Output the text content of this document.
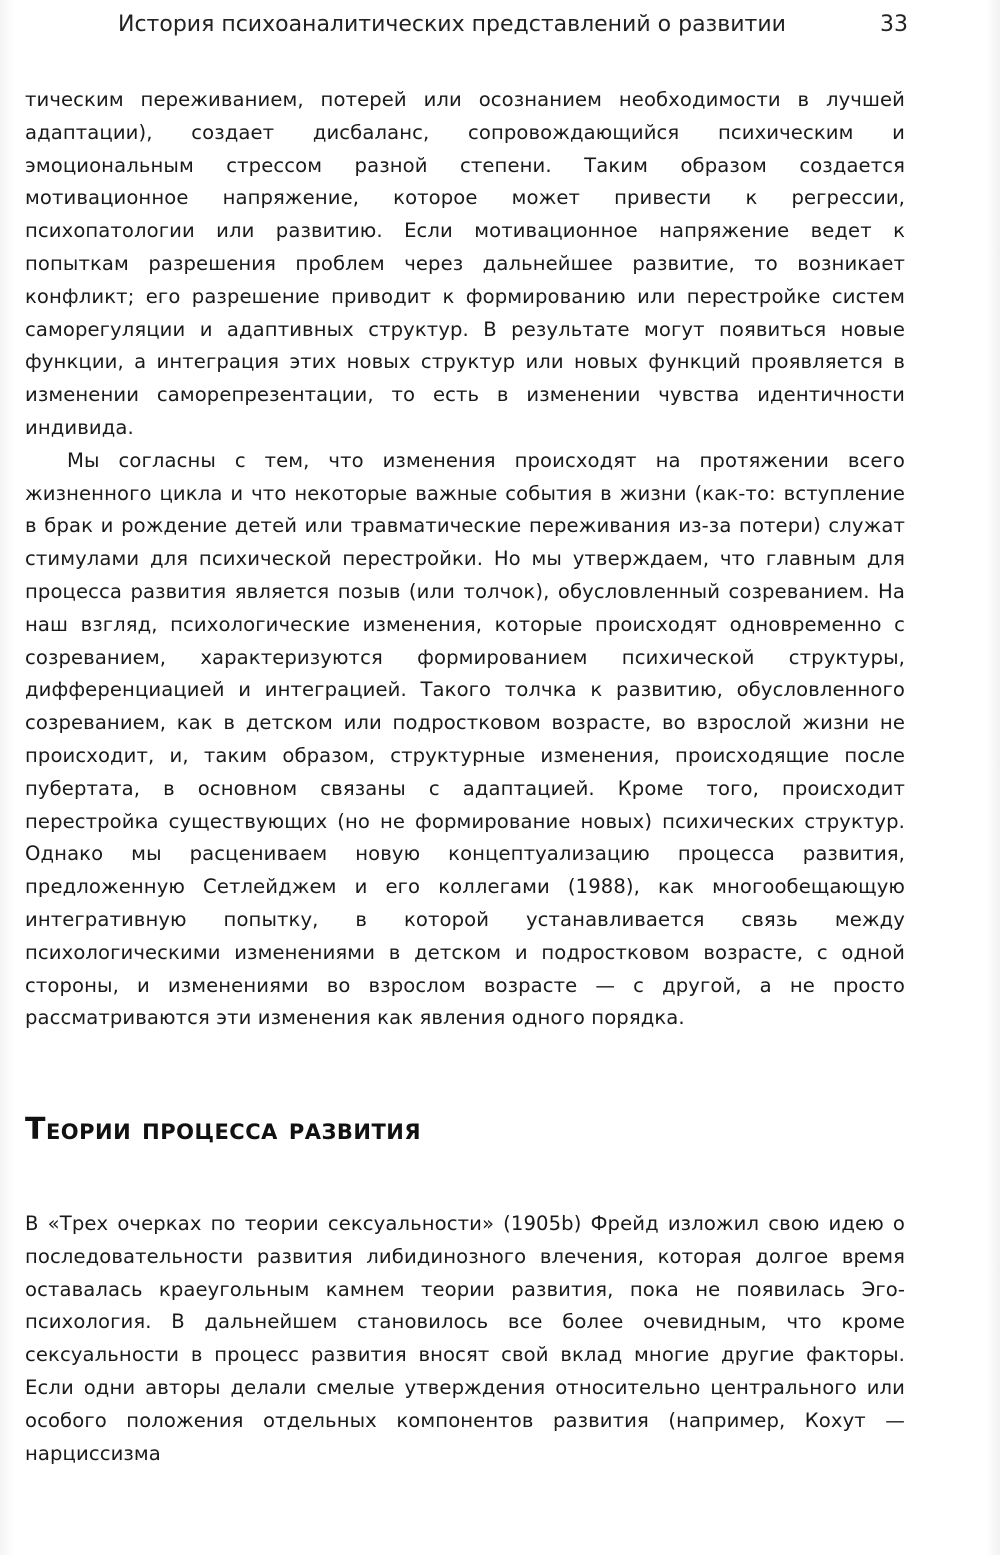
История психоаналитических представлений о развитии	33

тическим переживанием, потерей или осознанием необходимости в лучшей адаптации), создает дисбаланс, сопровождающийся психическим и эмоциональным стрессом разной степени. Таким образом создается мотивационное напряжение, которое может привести к регрессии, психопатологии или развитию. Если мотивационное напряжение ведет к попыткам разрешения проблем через дальнейшее развитие, то возникает конфликт; его разрешение приводит к формированию или перестройке систем саморегуляции и адаптивных структур. В результате могут появиться новые функции, а интеграция этих новых структур или новых функций проявляется в изменении саморепрезентации, то есть в изменении чувства идентичности индивида.

Мы согласны с тем, что изменения происходят на протяжении всего жизненного цикла и что некоторые важные события в жизни (как-то: вступление в брак и рождение детей или травматические переживания из-за потери) служат стимулами для психической перестройки. Но мы утверждаем, что главным для процесса развития является позыв (или толчок), обусловленный созреванием. На наш взгляд, психологические изменения, которые происходят одновременно с созреванием, характеризуются формированием психической структуры, дифференциацией и интеграцией. Такого толчка к развитию, обусловленного созреванием, как в детском или подростковом возрасте, во взрослой жизни не происходит, и, таким образом, структурные изменения, происходящие после пубертата, в основном связаны с адаптацией. Кроме того, происходит перестройка существующих (но не формирование новых) психических структур. Однако мы расцениваем новую концептуализацию процесса развития, предложенную Сетлейджем и его коллегами (1988), как многообещающую интегративную попытку, в которой устанавливается связь между психологическими изменениями в детском и подростковом возрасте, с одной стороны, и изменениями во взрослом возрасте — с другой, а не просто рассматриваются эти изменения как явления одного порядка.

Теории процесса развития

В «Трех очерках по теории сексуальности» (1905b) Фрейд изложил свою идею о последовательности развития либидинозного влечения, которая долгое время оставалась краеугольным камнем теории развития, пока не появилась Эго-психология. В дальнейшем становилось все более очевидным, что кроме сексуальности в процесс развития вносят свой вклад многие другие факторы. Если одни авторы делали смелые утверждения относительно центрального или особого положения отдельных компонентов развития (например, Кохут — нарциссизма
